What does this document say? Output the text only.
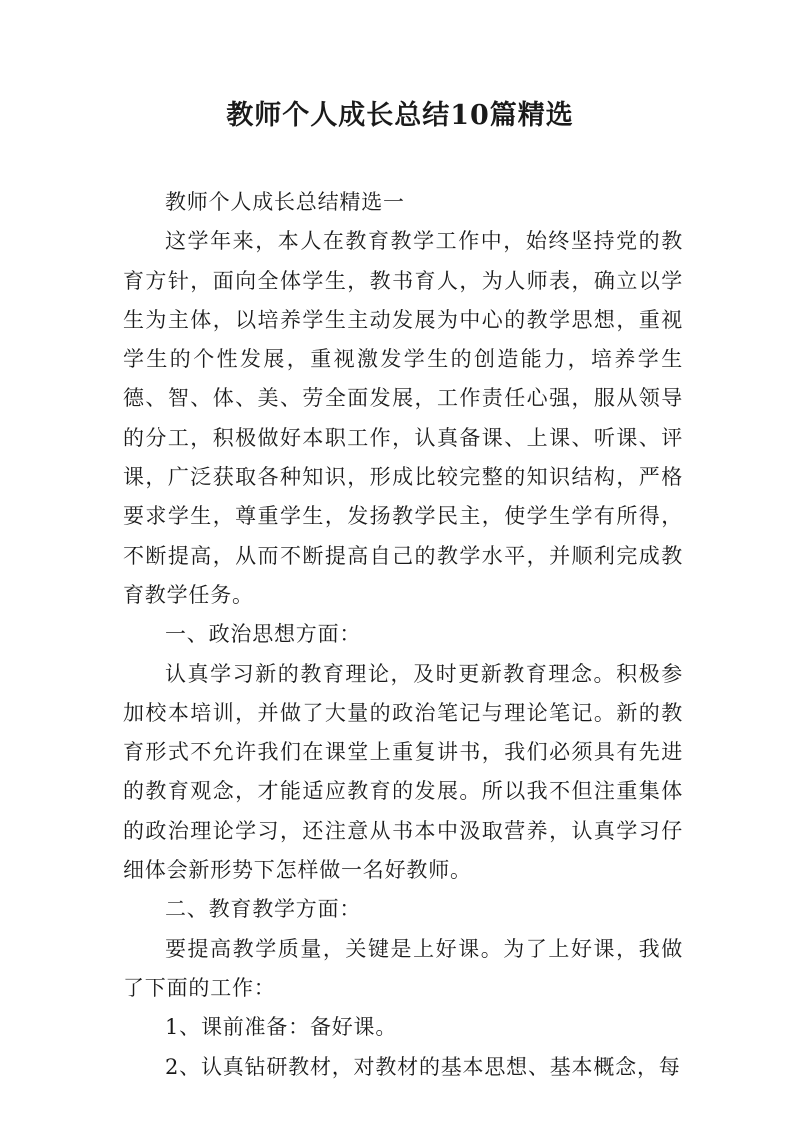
教师个人成长总结10篇精选

教师个人成长总结精选一

这学年来，本人在教育教学工作中，始终坚持党的教育方针，面向全体学生，教书育人，为人师表，确立以学生为主体，以培养学生主动发展为中心的教学思想，重视学生的个性发展，重视激发学生的创造能力，培养学生德、智、体、美、劳全面发展，工作责任心强，服从领导的分工，积极做好本职工作，认真备课、上课、听课、评课，广泛获取各种知识，形成比较完整的知识结构，严格要求学生，尊重学生，发扬教学民主，使学生学有所得，不断提高，从而不断提高自己的教学水平，并顺利完成教育教学任务。

一、政治思想方面：

认真学习新的教育理论，及时更新教育理念。积极参加校本培训，并做了大量的政治笔记与理论笔记。新的教育形式不允许我们在课堂上重复讲书，我们必须具有先进的教育观念，才能适应教育的发展。所以我不但注重集体的政治理论学习，还注意从书本中汲取营养，认真学习仔细体会新形势下怎样做一名好教师。

二、教育教学方面：

要提高教学质量，关键是上好课。为了上好课，我做了下面的工作：

1、课前准备：备好课。

2、认真钻研教材，对教材的基本思想、基本概念，每
